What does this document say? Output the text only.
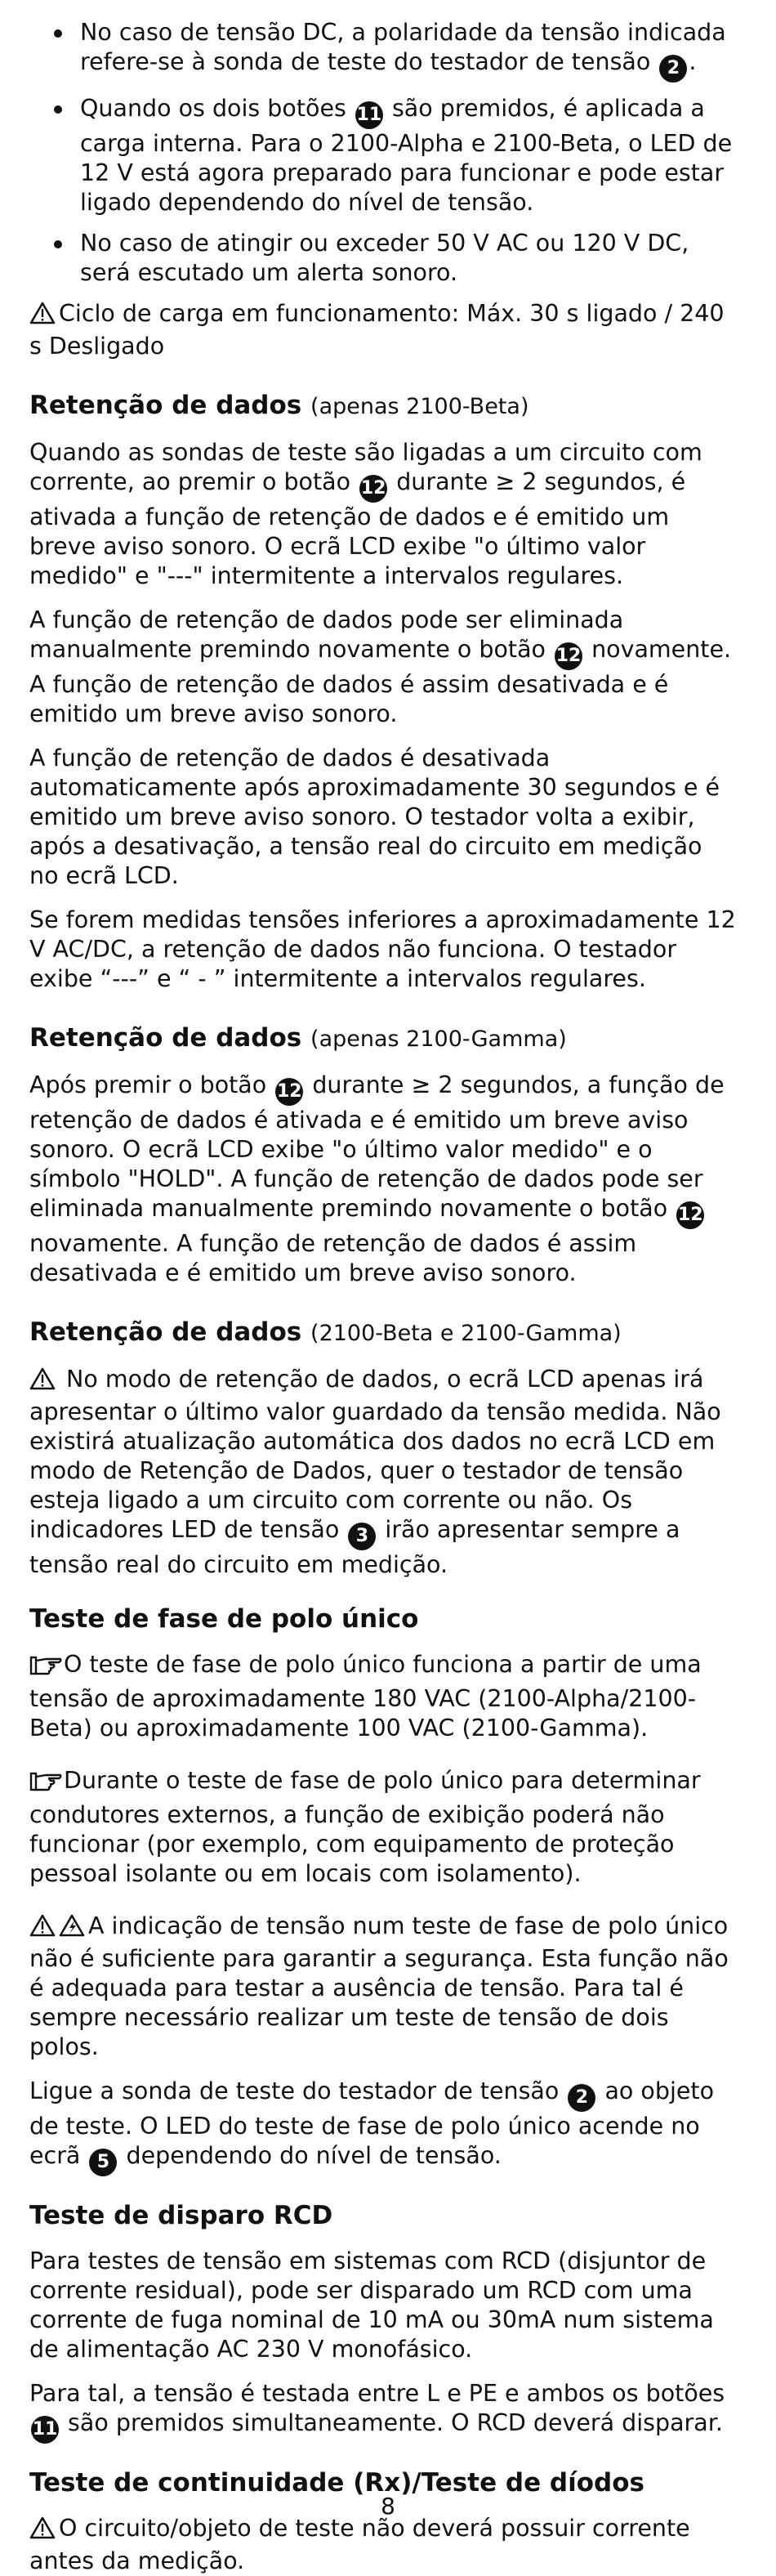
No caso de tensão DC, a polaridade da tensão indicada refere-se à sonda de teste do testador de tensão 2 .
Quando os dois botões 11 são premidos, é aplicada a carga interna. Para o 2100-Alpha e 2100-Beta, o LED de 12 V está agora preparado para funcionar e pode estar ligado dependendo do nível de tensão.
No caso de atingir ou exceder 50 V AC ou 120 V DC, será escutado um alerta sonoro.

Ciclo de carga em funcionamento: Máx. 30 s ligado / 240 s Desligado

Retenção de dados (apenas 2100-Beta)

Quando as sondas de teste são ligadas a um circuito com corrente, ao premir o botão 12 durante ≥ 2 segundos, é ativada a função de retenção de dados e é emitido um breve aviso sonoro. O ecrã LCD exibe "o último valor medido" e "---" intermitente a intervalos regulares.

A função de retenção de dados pode ser eliminada manualmente premindo novamente o botão 12 novamente. A função de retenção de dados é assim desativada e é emitido um breve aviso sonoro.

A função de retenção de dados é desativada automaticamente após aproximadamente 30 segundos e é emitido um breve aviso sonoro. O testador volta a exibir, após a desativação, a tensão real do circuito em medição no ecrã LCD.

Se forem medidas tensões inferiores a aproximadamente 12 V AC/DC, a retenção de dados não funciona. O testador exibe “---” e “ - ” intermitente a intervalos regulares.

Retenção de dados (apenas 2100-Gamma)

Após premir o botão 12 durante ≥ 2 segundos, a função de retenção de dados é ativada e é emitido um breve aviso sonoro. O ecrã LCD exibe "o último valor medido" e o símbolo "HOLD". A função de retenção de dados pode ser eliminada manualmente premindo novamente o botão 12 novamente. A função de retenção de dados é assim desativada e é emitido um breve aviso sonoro.

Retenção de dados (2100-Beta e 2100-Gamma)

No modo de retenção de dados, o ecrã LCD apenas irá apresentar o último valor guardado da tensão medida. Não existirá atualização automática dos dados no ecrã LCD em modo de Retenção de Dados, quer o testador de tensão esteja ligado a um circuito com corrente ou não. Os indicadores LED de tensão 3 irão apresentar sempre a tensão real do circuito em medição.

Teste de fase de polo único

O teste de fase de polo único funciona a partir de uma tensão de aproximadamente 180 VAC (2100-Alpha/2100-Beta) ou aproximadamente 100 VAC (2100-Gamma).

Durante o teste de fase de polo único para determinar condutores externos, a função de exibição poderá não funcionar (por exemplo, com equipamento de proteção pessoal isolante ou em locais com isolamento).

A indicação de tensão num teste de fase de polo único não é suficiente para garantir a segurança. Esta função não é adequada para testar a ausência de tensão. Para tal é sempre necessário realizar um teste de tensão de dois polos.

Ligue a sonda de teste do testador de tensão 2 ao objeto de teste. O LED do teste de fase de polo único acende no ecrã 5 dependendo do nível de tensão.

Teste de disparo RCD

Para testes de tensão em sistemas com RCD (disjuntor de corrente residual), pode ser disparado um RCD com uma corrente de fuga nominal de 10 mA ou 30mA num sistema de alimentação AC 230 V monofásico.

Para tal, a tensão é testada entre L e PE e ambos os botões 11 são premidos simultaneamente. O RCD deverá disparar.

Teste de continuidade (Rx)/Teste de díodos

O circuito/objeto de teste não deverá possuir corrente antes da medição.

8
